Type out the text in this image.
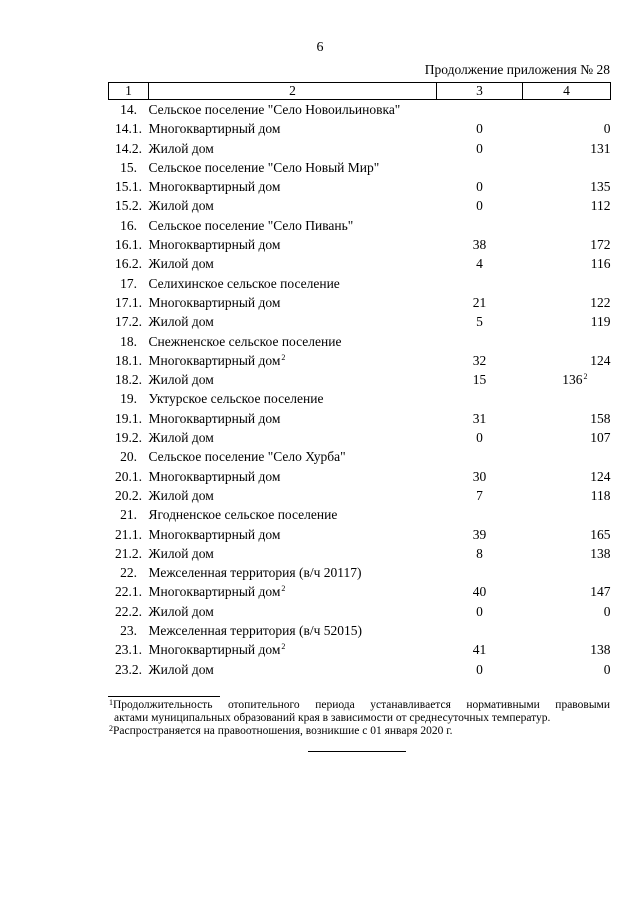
6
Продолжение приложения № 28
1	2	3	4
14.	Сельское поселение "Село Новоильиновка"		
14.1.	Многоквартирный дом	0	0
14.2.	Жилой дом	0	131
15.	Сельское поселение "Село Новый Мир"		
15.1.	Многоквартирный дом	0	135
15.2.	Жилой дом	0	112
16.	Сельское поселение "Село Пивань"		
16.1.	Многоквартирный дом	38	172
16.2.	Жилой дом	4	116
17.	Селихинское сельское поселение		
17.1.	Многоквартирный дом	21	122
17.2.	Жилой дом	5	119
18.	Снежненское сельское поселение		
18.1.	Многоквартирный дом$^2$	32	124
18.2.	Жилой дом	15	136$^2$
19.	Уктурское сельское поселение		
19.1.	Многоквартирный дом	31	158
19.2.	Жилой дом	0	107
20.	Сельское поселение "Село Хурба"		
20.1.	Многоквартирный дом	30	124
20.2.	Жилой дом	7	118
21.	Ягодненское сельское поселение		
21.1.	Многоквартирный дом	39	165
21.2.	Жилой дом	8	138
22.	Межселенная территория (в/ч 20117)		
22.1.	Многоквартирный дом$^2$	40	147
22.2.	Жилой дом	0	0
23.	Межселенная территория (в/ч 52015)		
23.1.	Многоквартирный дом$^2$	41	138
23.2.	Жилой дом	0	0
$^1$Продолжительность отопительного периода устанавливается нормативными правовыми
актами муниципальных образований края в зависимости от среднесуточных температур.
$^2$Распространяется на правоотношения, возникшие с 01 января 2020 г.
